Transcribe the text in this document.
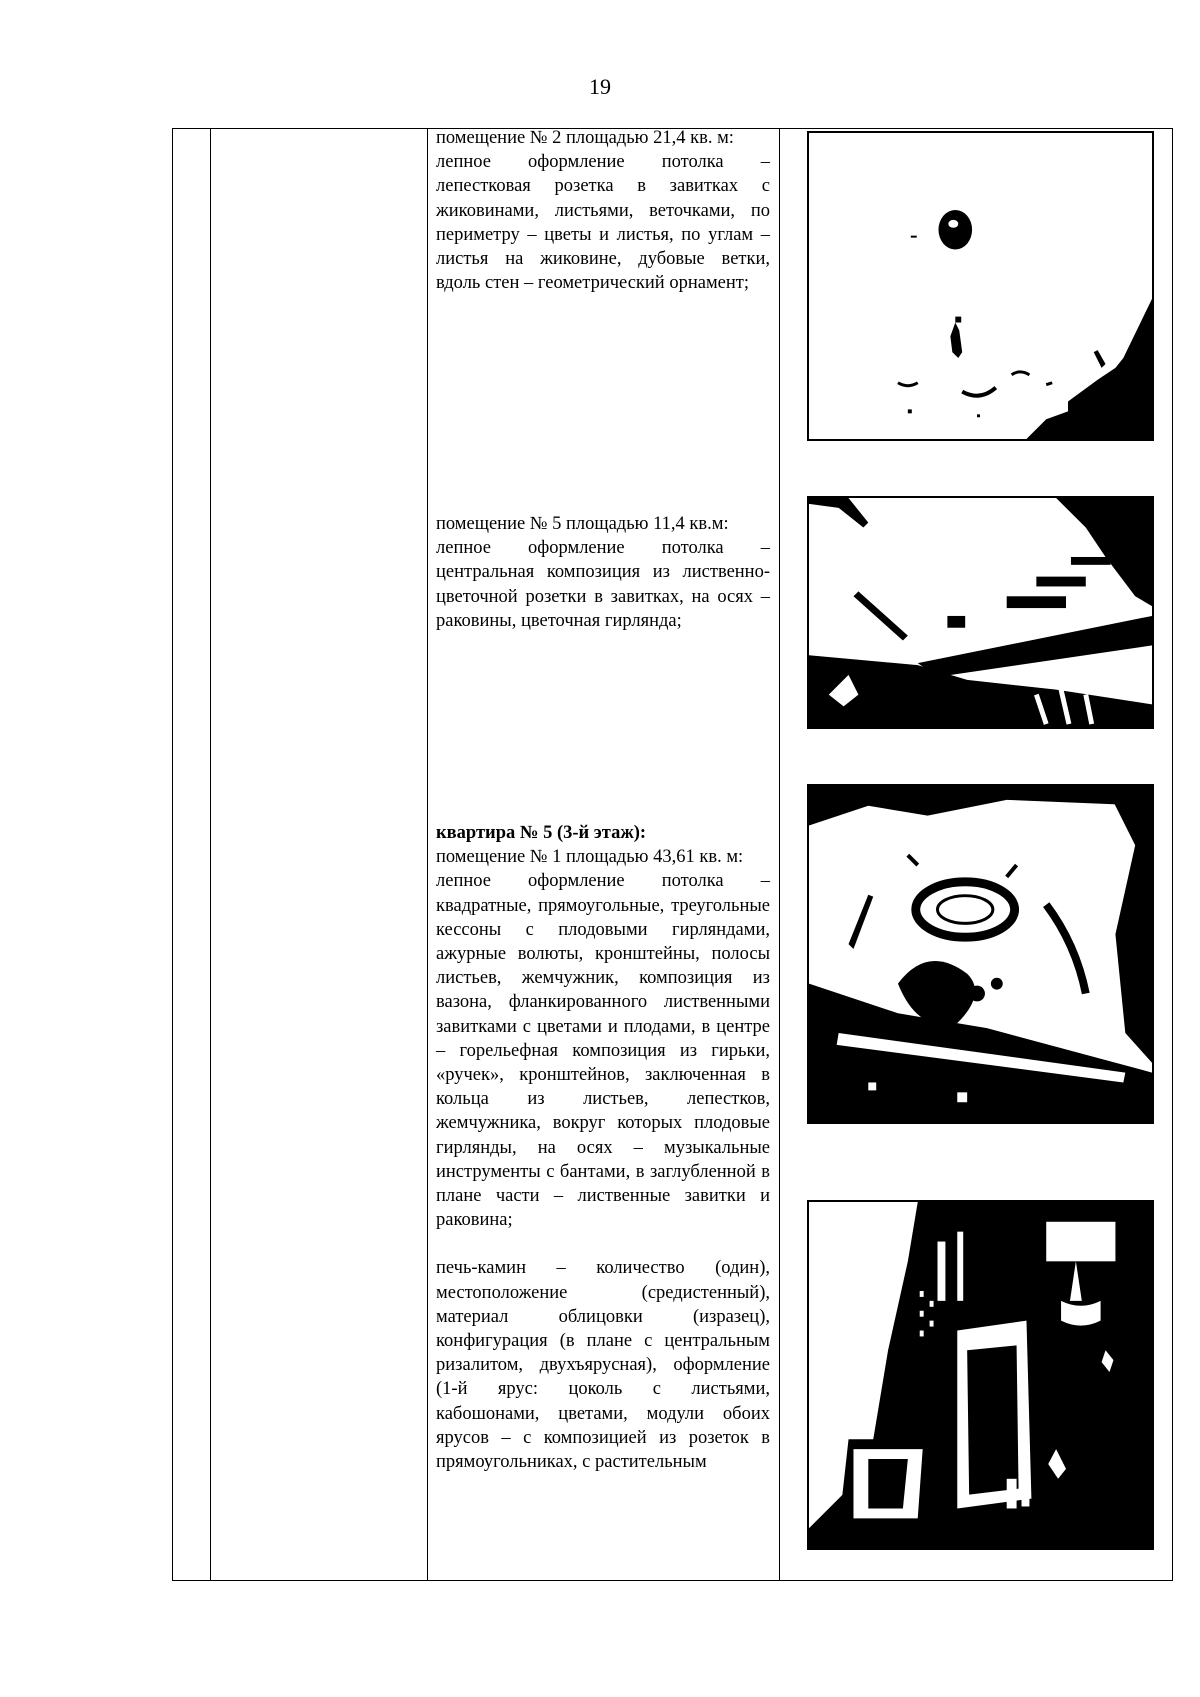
19

помещение № 2 площадью 21,4 кв. м:

лепное оформление потолка – лепестковая розетка в завитках с жиковинами, листьями, веточками, по периметру – цветы и листья, по углам – листья на жиковине, дубовые ветки, вдоль стен – геометрический орнамент;

помещение № 5 площадью 11,4 кв.м:

лепное оформление потолка – центральная композиция из лиственно-цветочной розетки в завитках, на осях – раковины, цветочная гирлянда;

квартира № 5 (3-й этаж):

помещение № 1 площадью 43,61 кв. м:

лепное оформление потолка – квадратные, прямоугольные, треугольные кессоны с плодовыми гирляндами, ажурные волюты, кронштейны, полосы листьев, жемчужник, композиция из вазона, фланкированного лиственными завитками с цветами и плодами, в центре – горельефная композиция из гирьки, «ручек», кронштейнов, заключенная в кольца из листьев, лепестков, жемчужника, вокруг которых плодовые гирлянды, на осях – музыкальные инструменты с бантами, в заглубленной в плане части – лиственные завитки и раковина;

печь-камин – количество (один), местоположение (средистенный), материал облицовки (изразец), конфигурация (в плане с центральным ризалитом, двухъярусная), оформление (1-й ярус: цоколь с листьями, кабошонами, цветами, модули обоих ярусов – с композицией из розеток в прямоугольниках, с растительным
